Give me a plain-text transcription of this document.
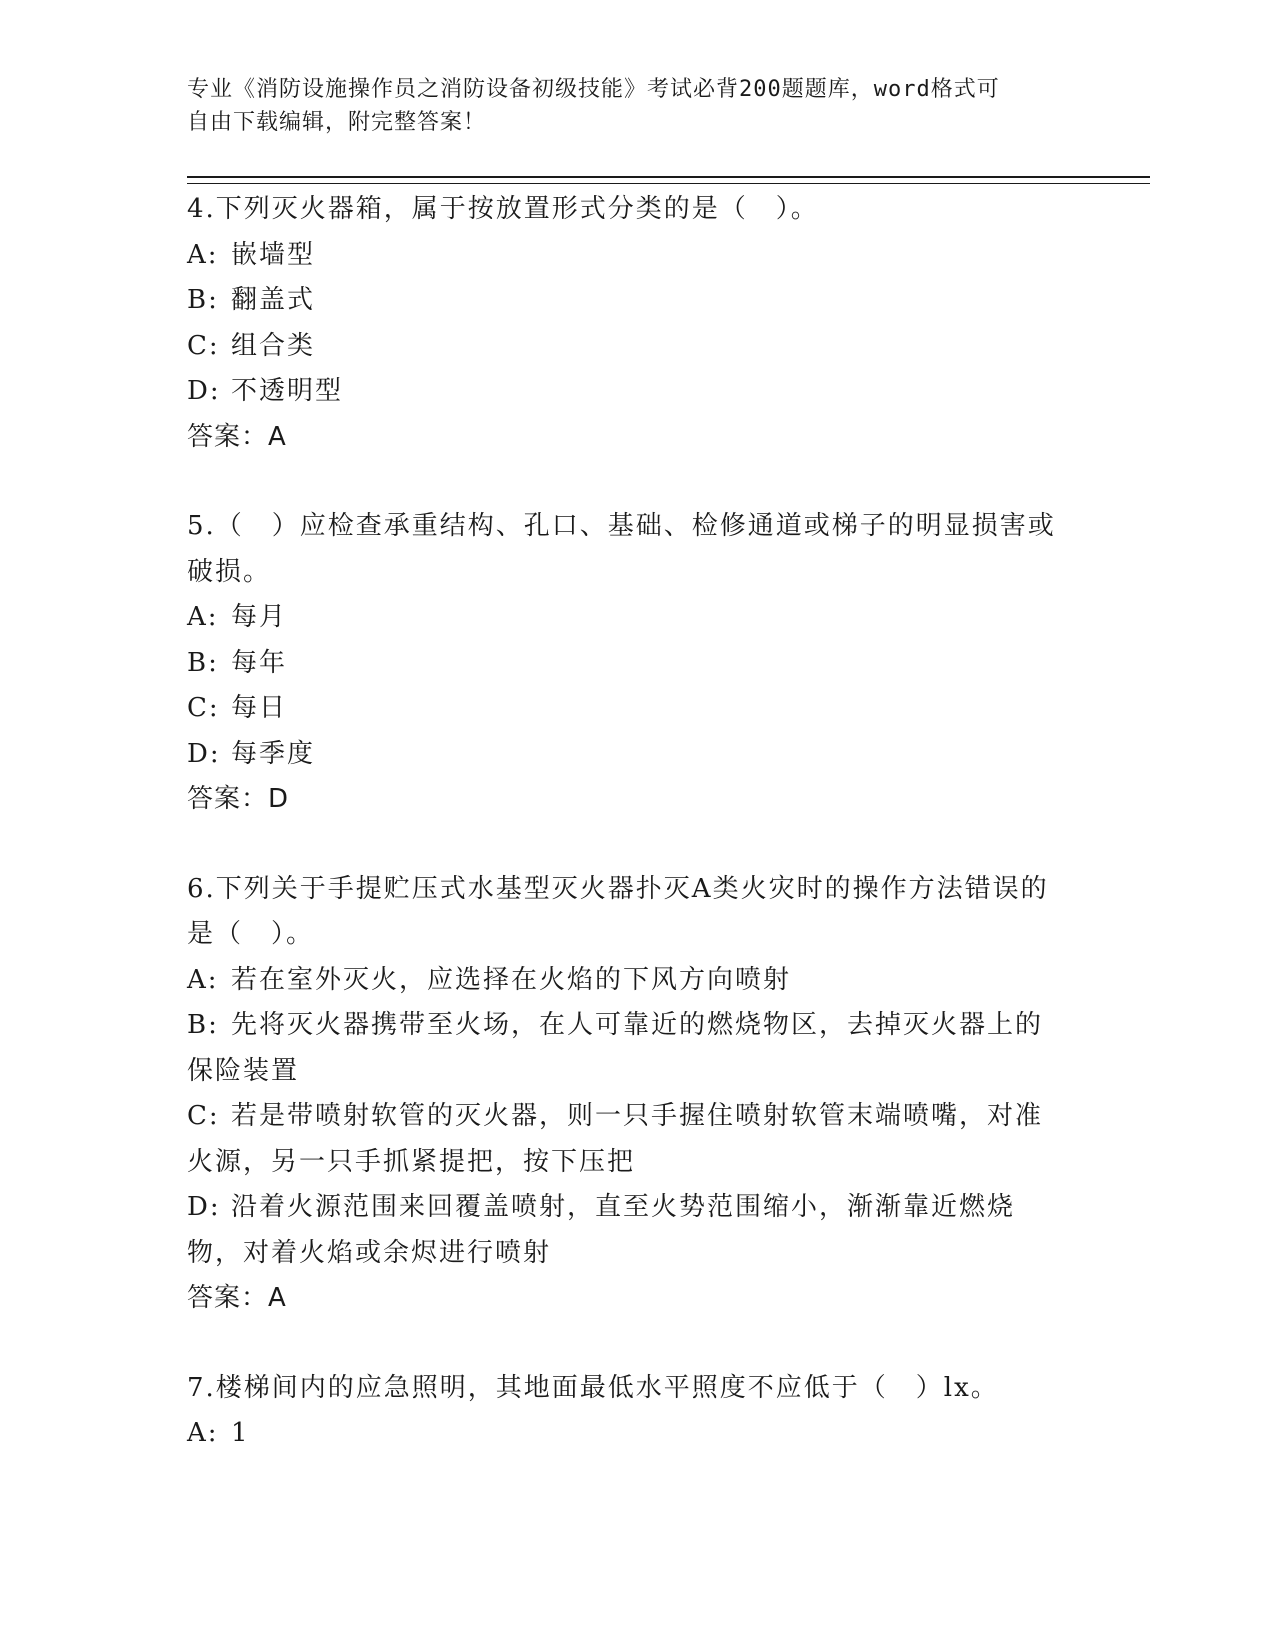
专业《消防设施操作员之消防设备初级技能》考试必背200题题库，word格式可
自由下载编辑，附完整答案！

4.下列灭火器箱，属于按放置形式分类的是（　）。

A: 嵌墙型

B: 翻盖式

C: 组合类

D: 不透明型

答案：A

5.（　）应检查承重结构、孔口、基础、检修通道或梯子的明显损害或破损。

A: 每月

B: 每年

C: 每日

D: 每季度

答案：D

6.下列关于手提贮压式水基型灭火器扑灭A类火灾时的操作方法错误的是（　）。

A: 若在室外灭火，应选择在火焰的下风方向喷射

B: 先将灭火器携带至火场，在人可靠近的燃烧物区，去掉灭火器上的保险装置

C: 若是带喷射软管的灭火器，则一只手握住喷射软管末端喷嘴，对准火源，另一只手抓紧提把，按下压把

D: 沿着火源范围来回覆盖喷射，直至火势范围缩小，渐渐靠近燃烧物，对着火焰或余烬进行喷射

答案：A

7.楼梯间内的应急照明，其地面最低水平照度不应低于（　）lx。

A: 1
